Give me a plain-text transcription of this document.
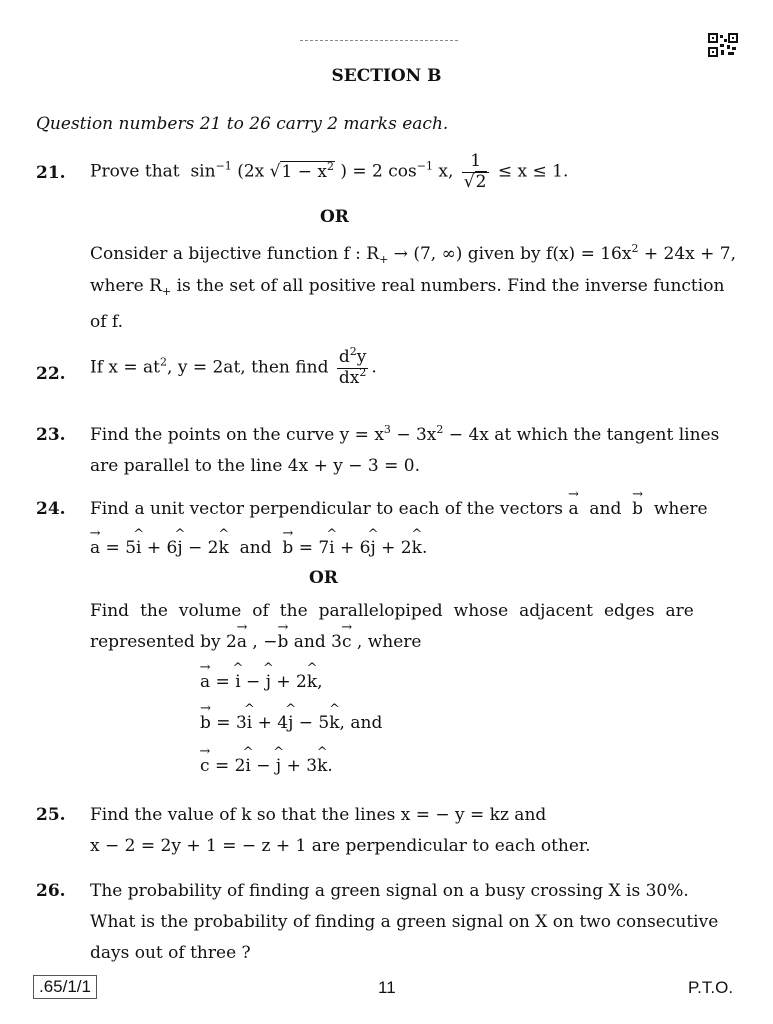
SECTION B
Question numbers 21 to 26 carry 2 marks each.
21. Prove that $\sin^{-1} (2x$ $√1 - x^2$ ) = 2 $\cos^{-1} x$, $\frac{1}{√2} \le x \le 1$.
OR
Consider a bijective function f : $R_+ \to (7$, ∞) given by $f(x) = 16x^2 + 24x + 7$,
where $R_+$ is the set of all positive real numbers. Find the inverse function
of f.
22. If $x = at^2$, y = 2at, then find $\frac{d^2y}{dx^2}$ .
23. Find the points on the curve $y = x^3 - 3x^2 - 4x$ at which the tangent lines
are parallel to the line 4x + y − 3 = 0.
24. Find a unit vector perpendicular to each of the vectors → a and → b where
→ a = 5^ i + 6^ j − 2^ k and → b = 7^ i + 6^ j + 2^ k.
OR
Find the volume of the parallelopiped whose adjacent edges are
represented by 2→ a , −→ b and 3→ c , where
→ a = ^ i − ^ j + 2^ k,
→ b = 3^ i + 4^ j − 5^ k, and
→ c = 2^ i − ^ j + 3^ k.
25. Find the value of k so that the lines x = − y = kz and
x − 2 = 2y + 1 = − z + 1 are perpendicular to each other.
26. The probability of finding a green signal on a busy crossing X is 30%.
What is the probability of finding a green signal on X on two consecutive
days out of three ?
.65/1/1	11	P.T.O.
